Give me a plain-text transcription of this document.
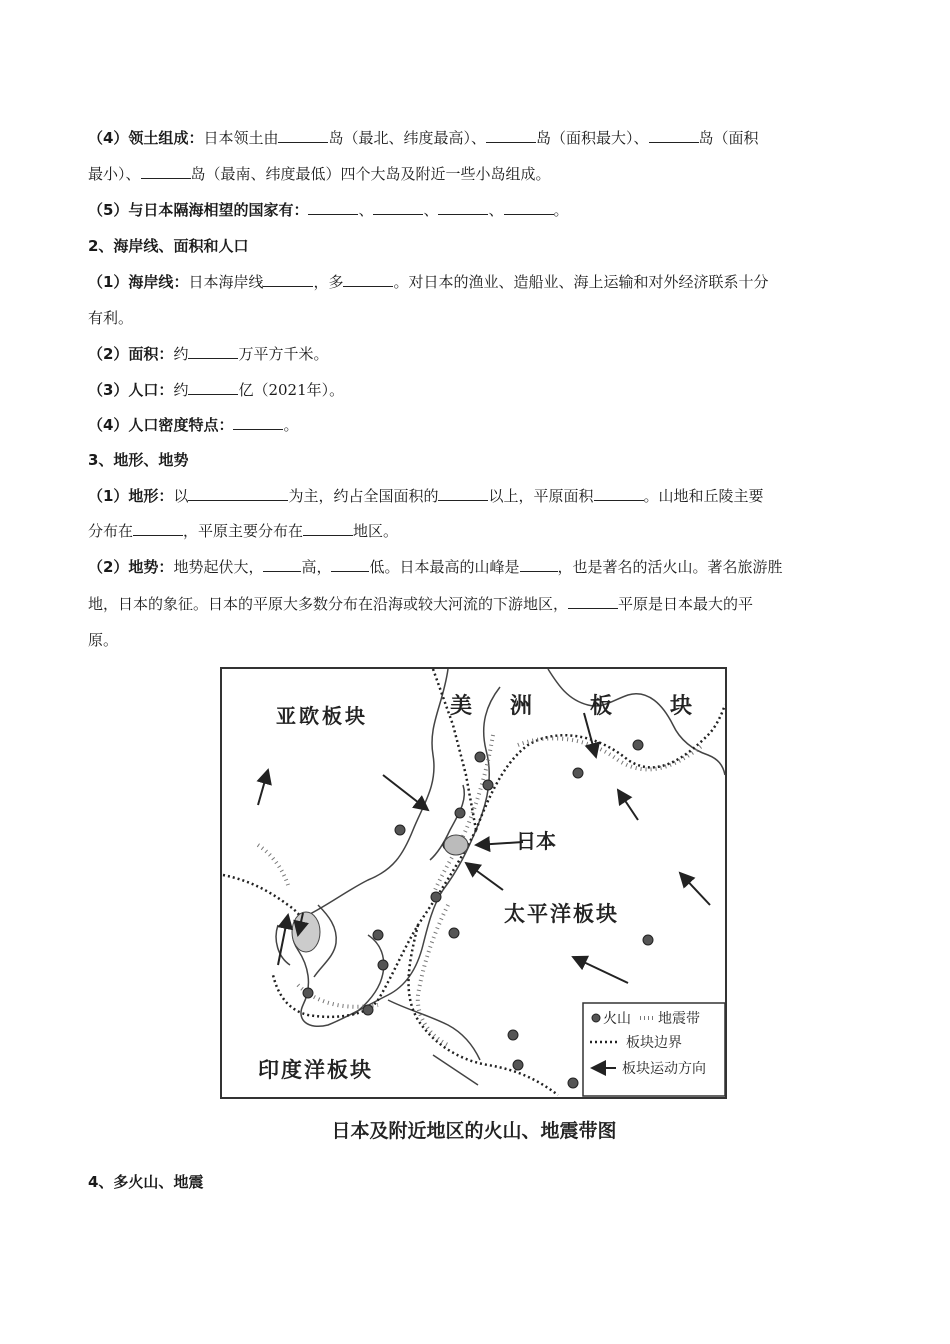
（4）领土组成：日本领土由	岛（最北、纬度最高）、	岛（面积最大）、	岛（面积
最小）、	岛（最南、纬度最低）四个大岛及附近一些小岛组成。
（5）与日本隔海相望的国家有：	、	、	、	。
2、海岸线、面积和人口
（1）海岸线：日本海岸线	，多	。对日本的渔业、造船业、海上运输和对外经济联系十分
有利。
（2）面积：约	万平方千米。
（3）人口：约	亿（2021年）。
（4）人口密度特点：	。
3、地形、地势
（1）地形：以	为主，约占全国面积的	以上，平原面积	。山地和丘陵主要
分布在	，平原主要分布在	地区。
（2）地势：地势起伏大，	高，	低。日本最高的山峰是	，也是著名的活火山。著名旅游胜
地，日本的象征。日本的平原大多数分布在沿海或较大河流的下游地区，	平原是日本最大的平
原。
亚欧板块	美 洲	板	块
日本
太平洋板块
印度洋板块
火山 地震带
板块边界
板块运动方向
日本及附近地区的火山、地震带图
4、多火山、地震
